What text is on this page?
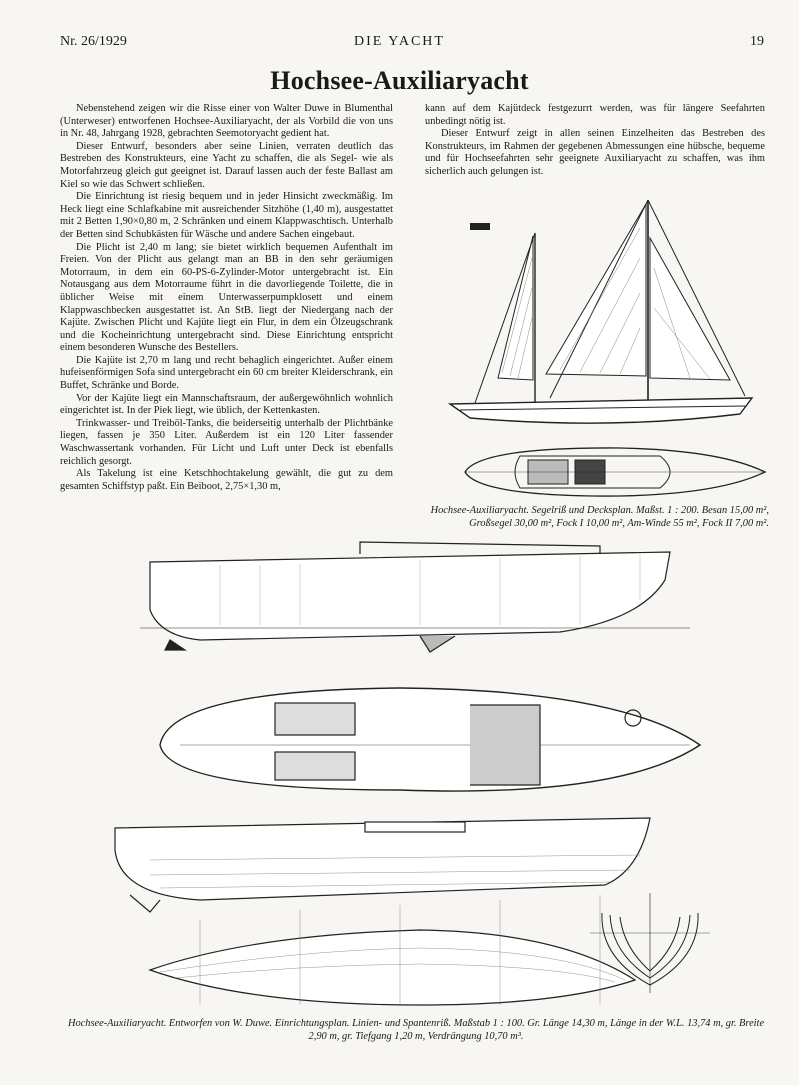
Nr. 26/1929	DIE YACHT	19
Hochsee-Auxiliaryacht

Nebenstehend zeigen wir die Risse einer von Walter Duwe in Blumenthal (Unterweser) entworfenen Hochsee-Auxiliaryacht, der als Vorbild die von uns in Nr. 48, Jahrgang 1928, gebrachten Seemotoryacht gedient hat.

Dieser Entwurf, besonders aber seine Linien, verraten deutlich das Bestreben des Konstrukteurs, eine Yacht zu schaffen, die als Segel- wie als Motorfahrzeug gleich gut geeignet ist. Darauf lassen auch der feste Ballast am Kiel so wie das Schwert schließen.

Die Einrichtung ist riesig bequem und in jeder Hinsicht zweckmäßig. Im Heck liegt eine Schlafkabine mit ausreichender Sitzhöhe (1,40 m), ausgestattet mit 2 Betten 1,90×0,80 m, 2 Schränken und einem Klappwaschtisch. Unterhalb der Betten sind Schubkästen für Wäsche und andere Sachen eingebaut.

Die Plicht ist 2,40 m lang; sie bietet wirklich bequemen Aufenthalt im Freien. Von der Plicht aus gelangt man an BB in den sehr geräumigen Motorraum, in dem ein 60-PS-6-Zylinder-Motor untergebracht ist. Ein Notausgang aus dem Motorraume führt in die davorliegende Toilette, die in üblicher Weise mit einem Unterwasserpumpklosett und einem Klappwaschbecken ausgestattet ist. An StB. liegt der Niedergang nach der Kajüte. Zwischen Plicht und Kajüte liegt ein Flur, in dem ein Ölzeugschrank und die Kocheinrichtung untergebracht sind. Diese Einrichtung entspricht einem besonderen Wunsche des Bestellers.

Die Kajüte ist 2,70 m lang und recht behaglich eingerichtet. Außer einem hufeisenförmigen Sofa sind untergebracht ein 60 cm breiter Kleiderschrank, ein Buffet, Schränke und Borde.

Vor der Kajüte liegt ein Mannschaftsraum, der außergewöhnlich wohnlich eingerichtet ist. In der Piek liegt, wie üblich, der Kettenkasten.

Trinkwasser- und Treiböl-Tanks, die beiderseitig unterhalb der Plichtbänke liegen, fassen je 350 Liter. Außerdem ist ein 120 Liter fassender Waschwassertank vorhanden. Für Licht und Luft unter Deck ist ebenfalls reichlich gesorgt.

Als Takelung ist eine Ketschhochtakelung gewählt, die gut zu dem gesamten Schiffstyp paßt. Ein Beiboot, 2,75×1,30 m,

kann auf dem Kajütdeck festgezurrt werden, was für längere Seefahrten unbedingt nötig ist.

Dieser Entwurf zeigt in allen seinen Einzelheiten das Bestreben des Konstrukteurs, im Rahmen der gegebenen Abmessungen eine hübsche, bequeme und für Hochseefahrten sehr geeignete Auxiliaryacht zu schaffen, was ihm sicherlich auch gelungen ist.

Hochsee-Auxiliaryacht. Segelriß und Decksplan. Maßst. 1 : 200. Besan 15,00 m², Großsegel 30,00 m², Fock I 10,00 m², Am-Winde 55 m², Fock II 7,00 m².
Hochsee-Auxiliaryacht. Entworfen von W. Duwe. Einrichtungsplan. Linien- und Spantenriß. Maßstab 1 : 100. Gr. Länge 14,30 m, Länge in der W.L. 13,74 m, gr. Breite 2,90 m, gr. Tiefgang 1,20 m, Verdrängung 10,70 m³.
